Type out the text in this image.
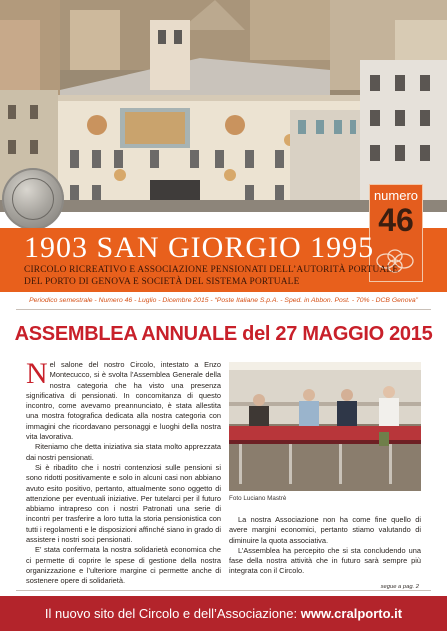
numero
46
1903 SAN GIORGIO 1995
CIRCOLO RICREATIVO E ASSOCIAZIONE PENSIONATI DELL’AUTORITÀ PORTUALE
DEL PORTO DI GENOVA E SOCIETÀ DEL SISTEMA PORTUALE
Periodico semestrale - Numero 46 - Luglio - Dicembre 2015 - “Poste Italiane S.p.A. - Sped. in Abbon. Post. - 70% - DCB Genova”
ASSEMBLEA ANNUALE del 27 MAGGIO 2015

Nel salone del nostro Circolo, intestato a Enzo Montecucco, si è svolta l’Assemblea Generale della nostra categoria che ha visto una presenza significativa di pensionati. In concomitanza di questo incontro, come avevamo preannunciato, è stata allestita una mostra fotografica dedicata alla nostra categoria con immagini che ricordavano personaggi e luoghi della nostra vita lavorativa.

Riteniamo che detta iniziativa sia stata molto apprezzata dai nostri pensionati.

Si è ribadito che i nostri contenziosi sulle pensioni si sono ridotti positivamente e solo in alcuni casi non abbiano avuto esito positivo, pertanto, attualmente sono oggetto di attenzione per eventuali iniziative. Per tutelarci per il futuro abbiamo intrapreso con i nostri Patronati una serie di incontri per trasferire a loro tutta la storia pensionistica con tutti i regolamenti e le disposizioni affinché siano in grado di assistere i nostri soci pensionati.

E’ stata confermata la nostra solidarietà economica che ci permette di coprire le spese di gestione della nostra organizzazione e l’ulteriore margine ci permette anche di sostenere opere di solidarietà.

Foto Luciano Mastrè

La nostra Associazione non ha come fine quello di avere margini economici, pertanto stiamo valutando di diminuire la quota associativa.

L’Assemblea ha percepito che si sta concludendo una fase della nostra attività che in futuro sarà sempre più integrata con il Circolo.

segue a pag. 2
Il nuovo sito del Circolo e dell’Associazione: www.cralporto.it
